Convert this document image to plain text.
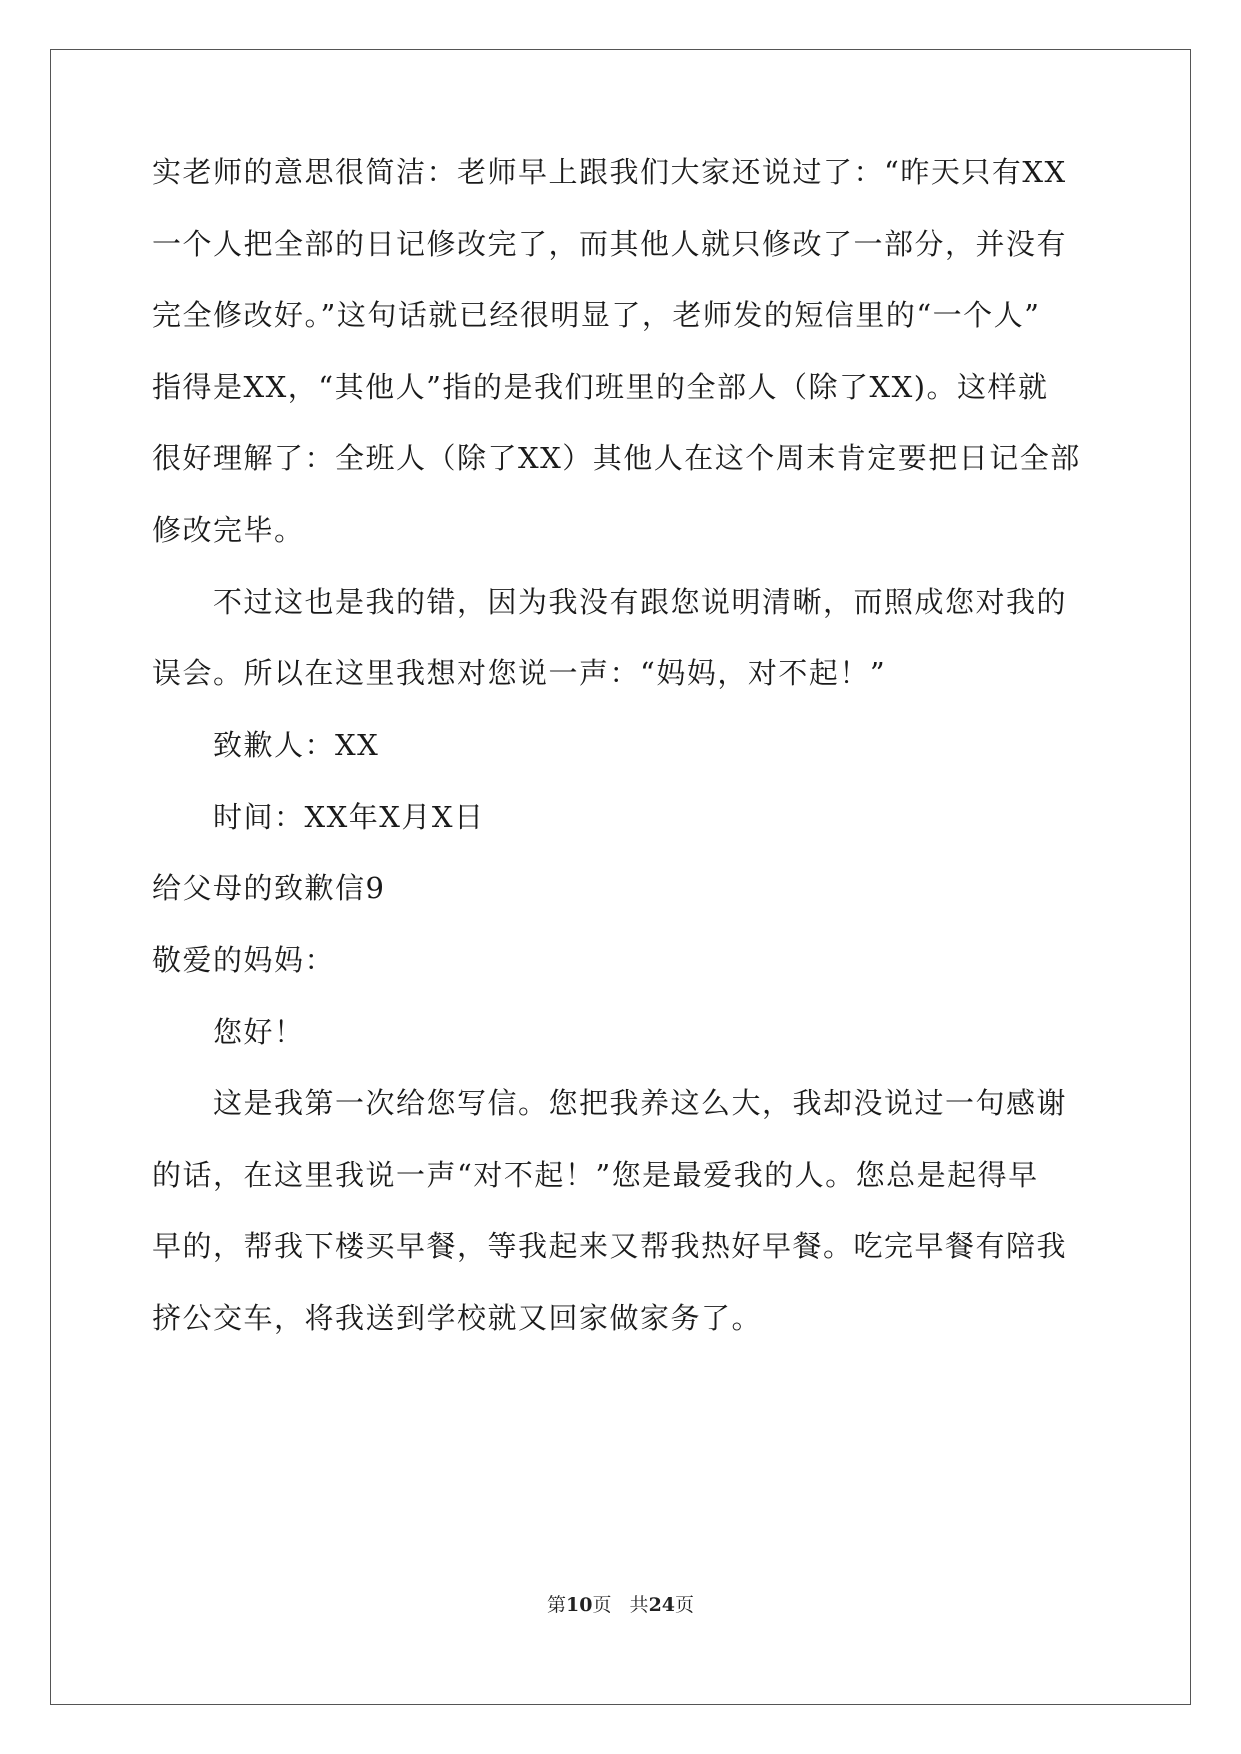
实老师的意思很简洁：老师早上跟我们大家还说过了：“昨天只有XX
一个人把全部的日记修改完了，而其他人就只修改了一部分，并没有
完全修改好。”这句话就已经很明显了，老师发的短信里的“一个人”
指得是XX，“其他人”指的是我们班里的全部人（除了XX)。这样就
很好理解了：全班人（除了XX）其他人在这个周末肯定要把日记全部
修改完毕。
不过这也是我的错，因为我没有跟您说明清晰，而照成您对我的
误会。所以在这里我想对您说一声：“妈妈，对不起！”
致歉人：XX
时间：XX年X月X日
给父母的致歉信9
敬爱的妈妈：
您好！
这是我第一次给您写信。您把我养这么大，我却没说过一句感谢
的话，在这里我说一声“对不起！”您是最爱我的人。您总是起得早
早的，帮我下楼买早餐，等我起来又帮我热好早餐。吃完早餐有陪我
挤公交车，将我送到学校就又回家做家务了。
第10页   共24页
